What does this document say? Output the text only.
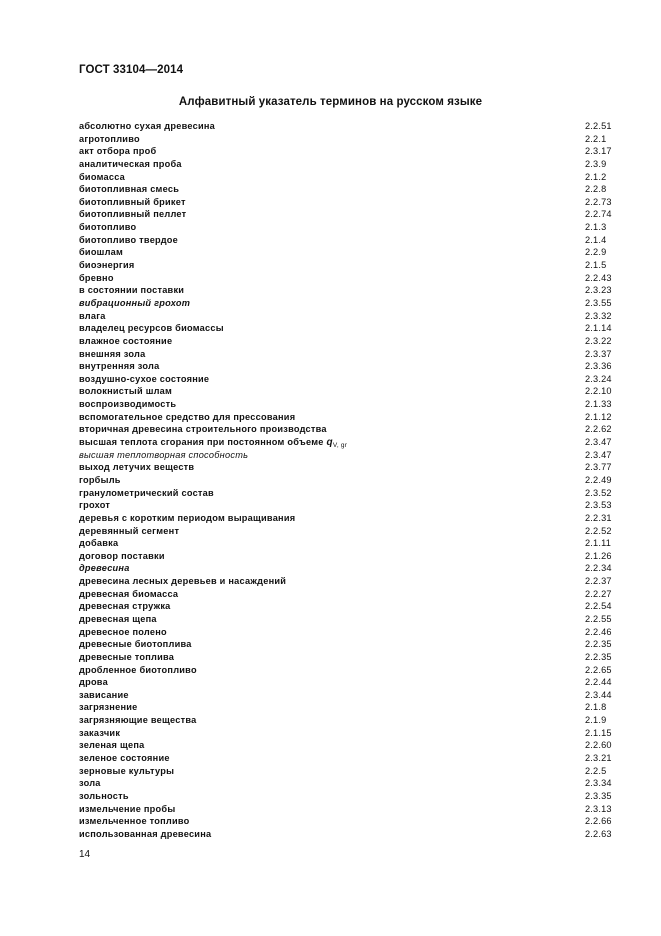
ГОСТ 33104—2014
Алфавитный указатель терминов на русском языке
абсолютно сухая древесина	2.2.51
агротопливо	2.2.1
акт отбора проб	2.3.17
аналитическая проба	2.3.9
биомасса	2.1.2
биотопливная смесь	2.2.8
биотопливный брикет	2.2.73
биотопливный пеллет	2.2.74
биотопливо	2.1.3
биотопливо твердое	2.1.4
биошлам	2.2.9
биоэнергия	2.1.5
бревно	2.2.43
в состоянии поставки	2.3.23
вибрационный грохот	2.3.55
влага	2.3.32
владелец ресурсов биомассы	2.1.14
влажное состояние	2.3.22
внешняя зола	2.3.37
внутренняя зола	2.3.36
воздушно-сухое состояние	2.3.24
волокнистый шлам	2.2.10
воспроизводимость	2.1.33
вспомогательное средство для прессования	2.1.12
вторичная древесина строительного производства	2.2.62
высшая теплота сгорания при постоянном объеме $q_{V, gr}$	2.3.47
высшая теплотворная способность	2.3.47
выход летучих веществ	2.3.77
горбыль	2.2.49
гранулометрический состав	2.3.52
грохот	2.3.53
деревья с коротким периодом выращивания	2.2.31
деревянный сегмент	2.2.52
добавка	2.1.11
договор поставки	2.1.26
древесина	2.2.34
древесина лесных деревьев и насаждений	2.2.37
древесная биомасса	2.2.27
древесная стружка	2.2.54
древесная щепа	2.2.55
древесное полено	2.2.46
древесные биотоплива	2.2.35
древесные топлива	2.2.35
дробленное биотопливо	2.2.65
дрова	2.2.44
зависание	2.3.44
загрязнение	2.1.8
загрязняющие вещества	2.1.9
заказчик	2.1.15
зеленая щепа	2.2.60
зеленое состояние	2.3.21
зерновые культуры	2.2.5
зола	2.3.34
зольность	2.3.35
измельчение пробы	2.3.13
измельченное топливо	2.2.66
использованная древесина	2.2.63
14
